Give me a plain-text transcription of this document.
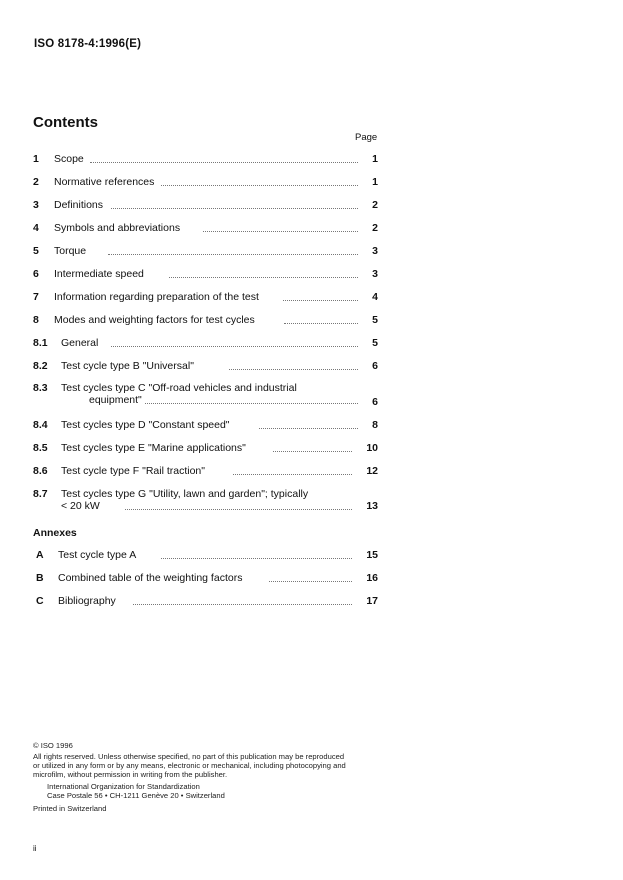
ISO 8178-4:1996(E)
Contents
Page
1 Scope	1
2 Normative references	1
3 Definitions	2
4 Symbols and abbreviations	2
5 Torque	3
6 Intermediate speed	3
7 Information regarding preparation of the test	4
8 Modes and weighting factors for test cycles	5
8.1 General	5
8.2 Test cycle type B "Universal"	6
8.3 Test cycles type C "Off-road vehicles and industrial
equipment"	6
8.4 Test cycles type D "Constant speed"	8
8.5 Test cycles type E "Marine applications"	10
8.6 Test cycle type F "Rail traction"	12
8.7 Test cycles type G "Utility, lawn and garden"; typically
< 20 kW	13
Annexes
A Test cycle type A	15
B Combined table of the weighting factors	16
C Bibliography	17
© ISO 1996
All rights reserved. Unless otherwise specified, no part of this publication may be reproduced
or utilized in any form or by any means, electronic or mechanical, including photocopying and
microfilm, without permission in writing from the publisher.
International Organization for Standardization
Case Postale 56 • CH-1211 Genève 20 • Switzerland
Printed in Switzerland
ii
